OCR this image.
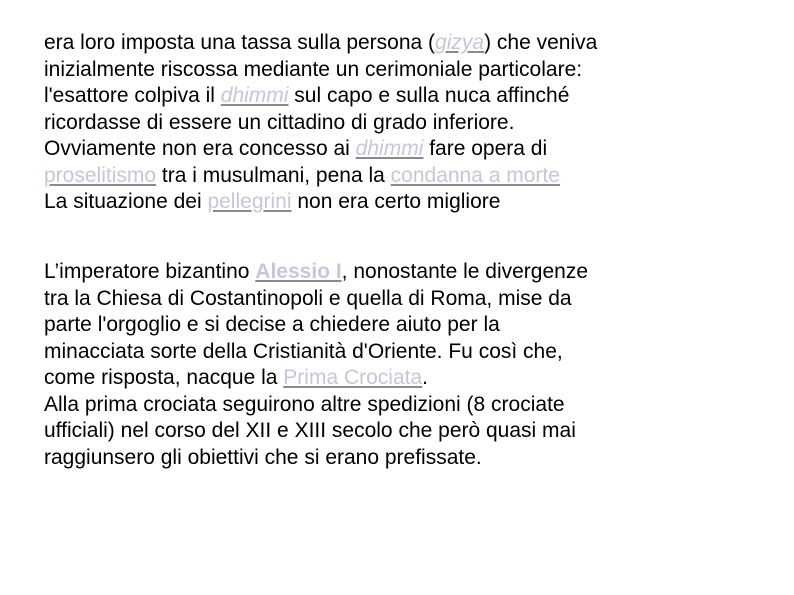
era loro imposta una tassa sulla persona (gizya) che veniva
inizialmente riscossa mediante un cerimoniale particolare:
l'esattore colpiva il dhimmi sul capo e sulla nuca affinché
ricordasse di essere un cittadino di grado inferiore.

Ovviamente non era concesso ai dhimmi fare opera di
proselitismo tra i musulmani, pena la condanna a morte

La situazione dei pellegrini non era certo migliore

L’imperatore bizantino Alessio I, nonostante le divergenze
tra la Chiesa di Costantinopoli e quella di Roma, mise da
parte l'orgoglio e si decise a chiedere aiuto per la
minacciata sorte della Cristianità d'Oriente. Fu così che,
come risposta, nacque la Prima Crociata.

Alla prima crociata seguirono altre spedizioni (8 crociate
ufficiali) nel corso del XII e XIII secolo che però quasi mai
raggiunsero gli obiettivi che si erano prefissate.
